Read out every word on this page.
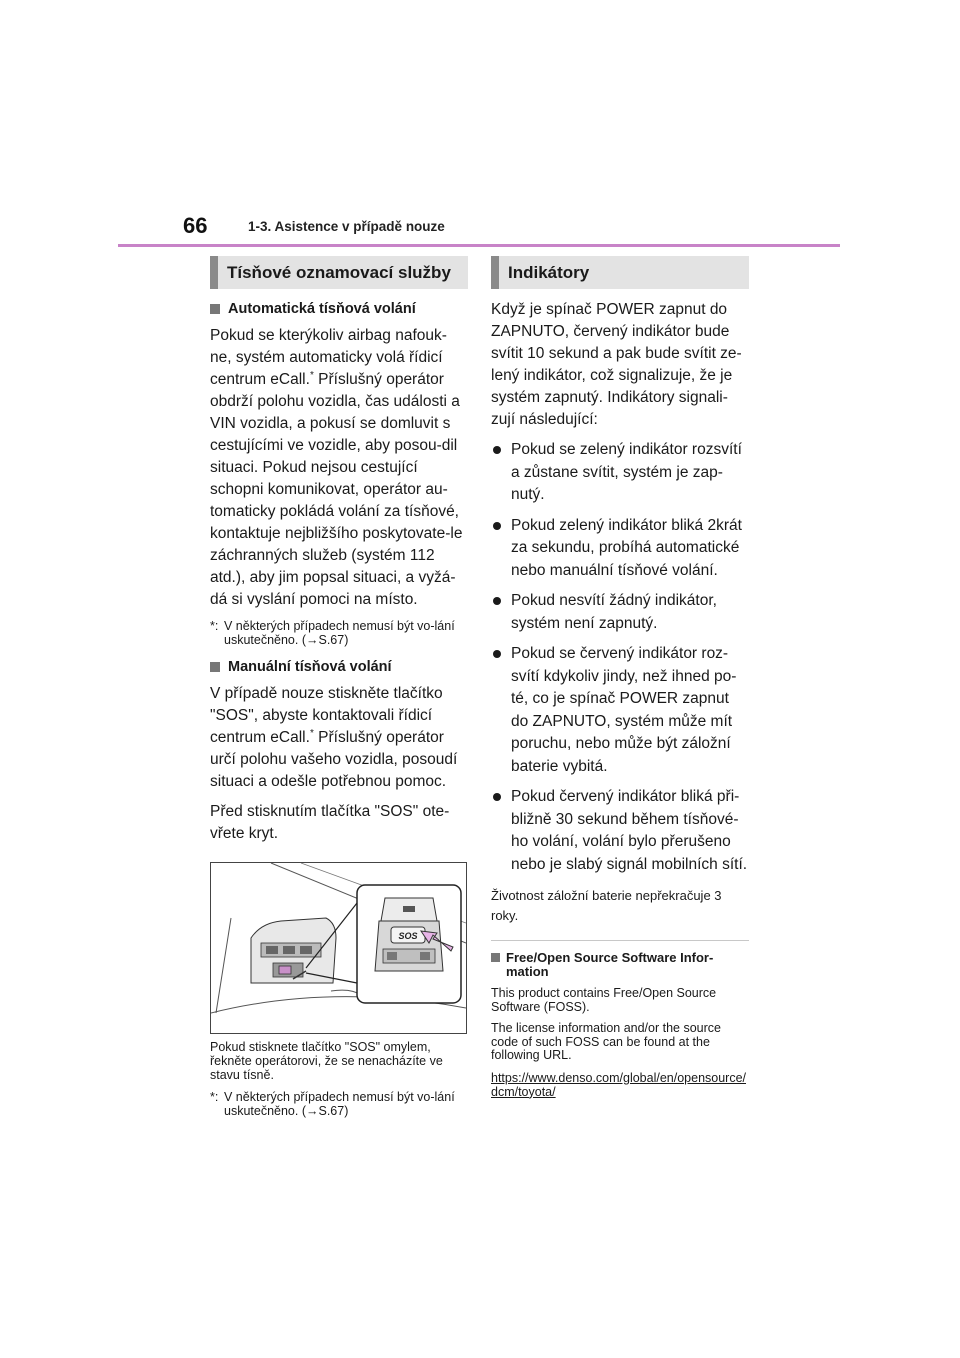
66	1-3. Asistence v případě nouze
Tísňové oznamovací služby
Automatická tísňová volání
Pokud se kterýkoliv airbag nafouk-ne, systém automaticky volá řídicí centrum eCall.* Příslušný operátor obdrží polohu vozidla, čas události a VIN vozidla, a pokusí se domluvit s cestujícími ve vozidle, aby posou-dil situaci. Pokud nejsou cestující schopni komunikovat, operátor au-tomaticky pokládá volání za tísňové, kontaktuje nejbližšího poskytovate-le záchranných služeb (systém 112 atd.), aby jim popsal situaci, a vyžá-dá si vyslání pomoci na místo.
*: V některých případech nemusí být vo-lání uskutečněno. (→S.67)
Manuální tísňová volání
V případě nouze stiskněte tlačítko "SOS", abyste kontaktovali řídicí centrum eCall.* Příslušný operátor určí polohu vašeho vozidla, posoudí situaci a odešle potřebnou pomoc.
Před stisknutím tlačítka "SOS" ote-vřete kryt.
SOS
Pokud stisknete tlačítko "SOS" omylem, řekněte operátorovi, že se nenacházíte ve stavu tísně.
*: V některých případech nemusí být vo-lání uskutečněno. (→S.67)
Indikátory
Když je spínač POWER zapnut do ZAPNUTO, červený indikátor bude svítit 10 sekund a pak bude svítit ze-lený indikátor, což signalizuje, že je systém zapnutý. Indikátory signali-zují následující:
Pokud se zelený indikátor rozsvítí a zůstane svítit, systém je zap-nutý.
Pokud zelený indikátor bliká 2krát za sekundu, probíhá automatické nebo manuální tísňové volání.
Pokud nesvítí žádný indikátor, systém není zapnutý.
Pokud se červený indikátor roz-svítí kdykoliv jindy, než ihned po-té, co je spínač POWER zapnut do ZAPNUTO, systém může mít poruchu, nebo může být záložní baterie vybitá.
Pokud červený indikátor bliká při-bližně 30 sekund během tísňové-ho volání, volání bylo přerušeno nebo je slabý signál mobilních sítí.
Životnost záložní baterie nepřekračuje 3 roky.
Free/Open Source Software Infor-mation
This product contains Free/Open Source Software (FOSS).
The license information and/or the source code of such FOSS can be found at the following URL.
https://www.denso.com/global/en/opensource/dcm/toyota/
